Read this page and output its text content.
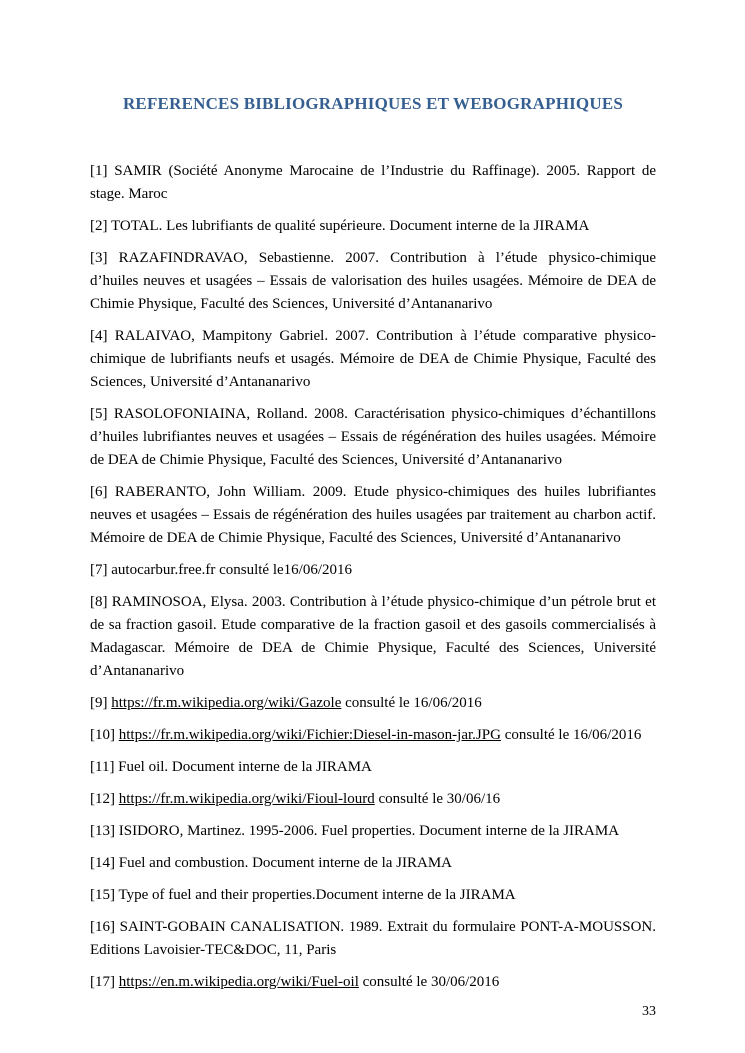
REFERENCES BIBLIOGRAPHIQUES ET WEBOGRAPHIQUES

[1] SAMIR (Société Anonyme Marocaine de l’Industrie du Raffinage). 2005. Rapport de stage. Maroc

[2] TOTAL. Les lubrifiants de qualité supérieure. Document interne de la JIRAMA

[3] RAZAFINDRAVAO, Sebastienne. 2007. Contribution à l’étude physico-chimique d’huiles neuves et usagées – Essais de valorisation des huiles usagées. Mémoire de DEA de Chimie Physique, Faculté des Sciences, Université d’Antananarivo

[4] RALAIVAO, Mampitony Gabriel. 2007. Contribution à l’étude comparative physico-chimique de lubrifiants neufs et usagés. Mémoire de DEA de Chimie Physique, Faculté des Sciences, Université d’Antananarivo

[5] RASOLOFONIAINA, Rolland. 2008. Caractérisation physico-chimiques d’échantillons d’huiles lubrifiantes neuves et usagées – Essais de régénération des huiles usagées. Mémoire de DEA de Chimie Physique, Faculté des Sciences, Université d’Antananarivo

[6] RABERANTO, John William. 2009. Etude physico-chimiques des huiles lubrifiantes neuves et usagées – Essais de régénération des huiles usagées par traitement au charbon actif. Mémoire de DEA de Chimie Physique, Faculté des Sciences, Université d’Antananarivo

[7] autocarbur.free.fr consulté le16/06/2016

[8] RAMINOSOA, Elysa. 2003. Contribution à l’étude physico-chimique d’un pétrole brut et de sa fraction gasoil. Etude comparative de la fraction gasoil et des gasoils commercialisés à Madagascar. Mémoire de DEA de Chimie Physique, Faculté des Sciences, Université d’Antananarivo

[9] https://fr.m.wikipedia.org/wiki/Gazole consulté le 16/06/2016

[10] https://fr.m.wikipedia.org/wiki/Fichier:Diesel-in-mason-jar.JPG consulté le 16/06/2016

[11] Fuel oil. Document interne de la JIRAMA

[12] https://fr.m.wikipedia.org/wiki/Fioul-lourd consulté le 30/06/16

[13] ISIDORO, Martinez. 1995-2006. Fuel properties. Document interne de la JIRAMA

[14] Fuel and combustion. Document interne de la JIRAMA

[15] Type of fuel and their properties.Document interne de la JIRAMA

[16] SAINT-GOBAIN CANALISATION. 1989. Extrait du formulaire PONT-A-MOUSSON. Editions Lavoisier-TEC&DOC, 11, Paris

[17] https://en.m.wikipedia.org/wiki/Fuel-oil consulté le 30/06/2016

33
